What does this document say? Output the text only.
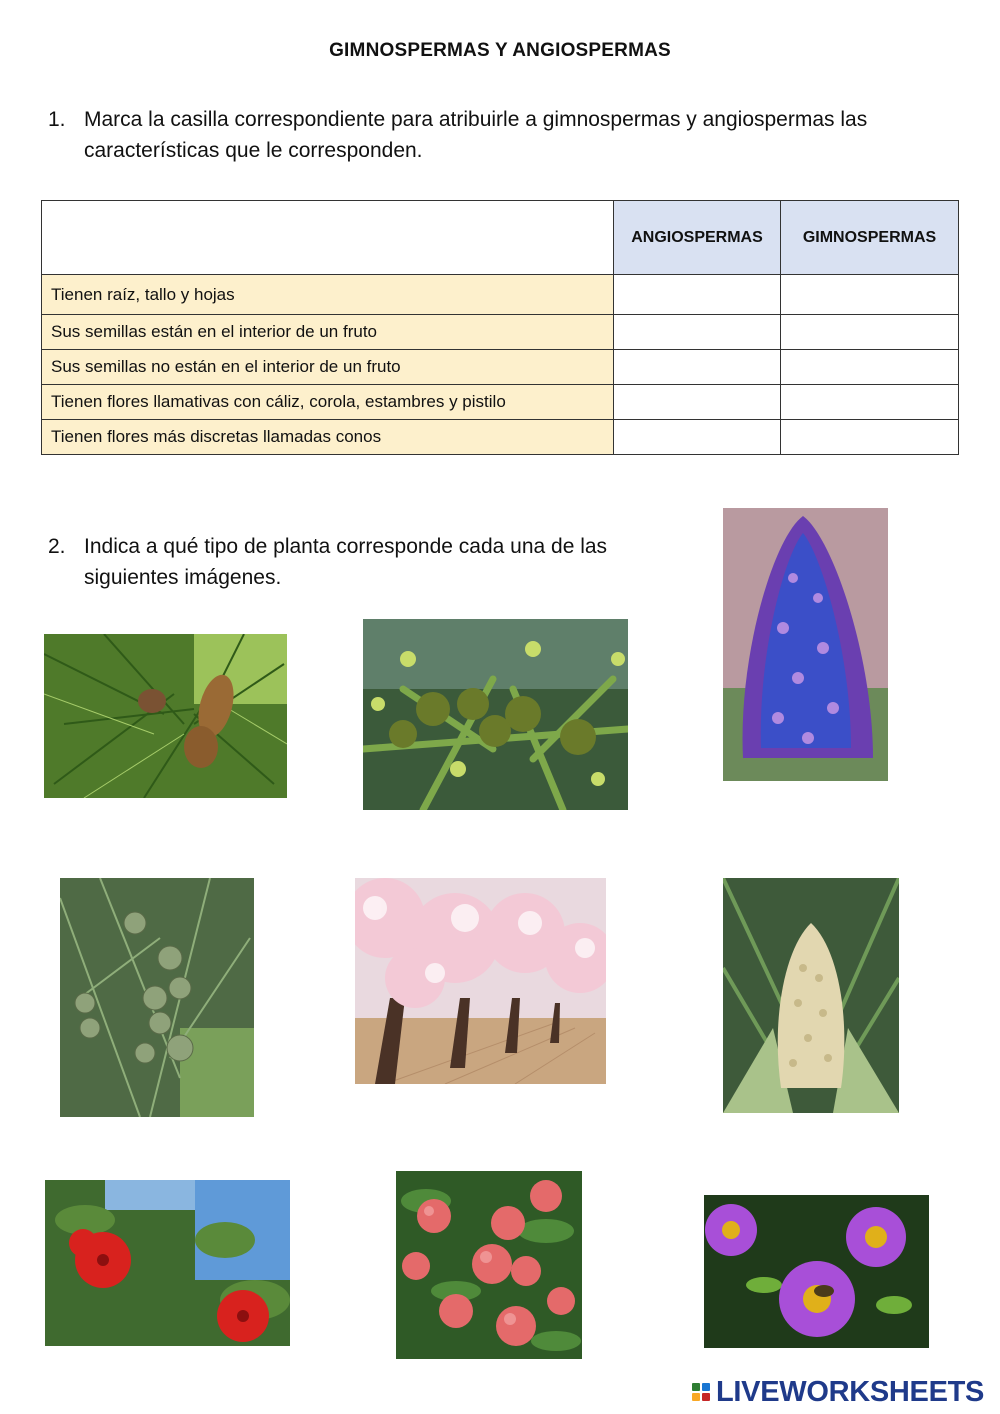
GIMNOSPERMAS Y ANGIOSPERMAS
1. Marca la casilla correspondiente para atribuirle a gimnospermas y angiospermas las características que le corresponden.
	ANGIOSPERMAS	GIMNOSPERMAS
Tienen raíz, tallo y hojas		
Sus semillas están en el interior de un fruto		
Sus semillas no están en el interior de un fruto		
Tienen flores llamativas con cáliz, corola, estambres y pistilo		
Tienen flores más discretas llamadas conos		
2. Indica a qué tipo de planta corresponde cada una de las siguientes imágenes.
LIVEWORKSHEETS
